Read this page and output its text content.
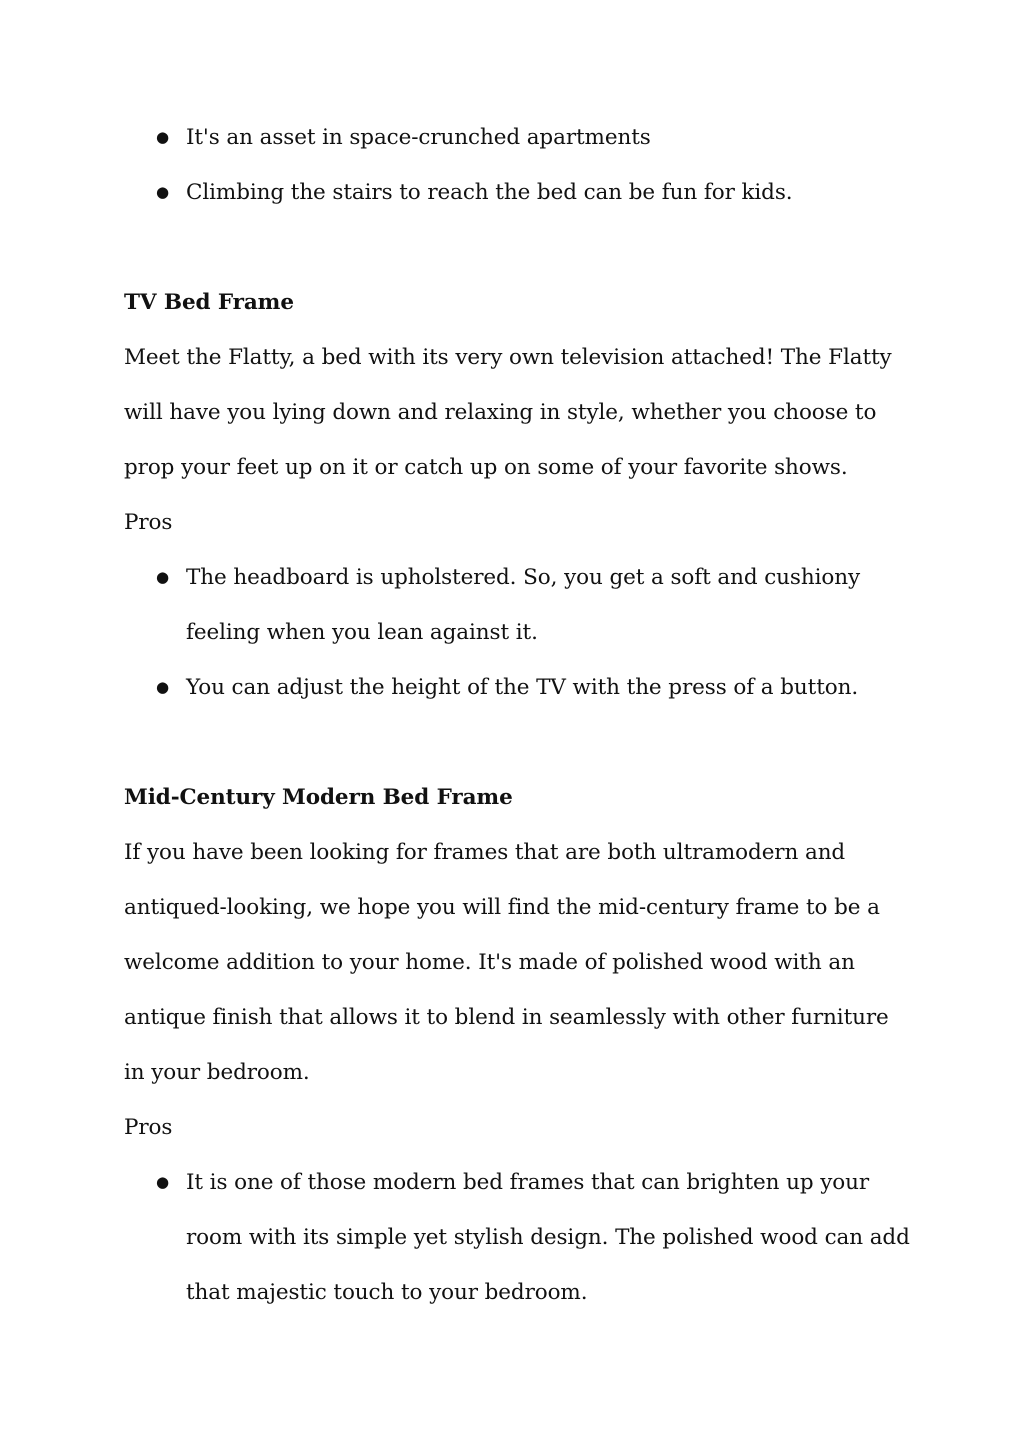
● It's an asset in space-crunched apartments
● Climbing the stairs to reach the bed can be fun for kids.
TV Bed Frame

Meet the Flatty, a bed with its very own television attached! The Flatty will have you lying down and relaxing in style, whether you choose to prop your feet up on it or catch up on some of your favorite shows.

Pros

● The headboard is upholstered. So, you get a soft and cushiony feeling when you lean against it.
● You can adjust the height of the TV with the press of a button.
Mid-Century Modern Bed Frame

If you have been looking for frames that are both ultramodern and antiqued-looking, we hope you will find the mid-century frame to be a welcome addition to your home. It's made of polished wood with an antique finish that allows it to blend in seamlessly with other furniture in your bedroom.

Pros

● It is one of those modern bed frames that can brighten up your room with its simple yet stylish design. The polished wood can add that majestic touch to your bedroom.
